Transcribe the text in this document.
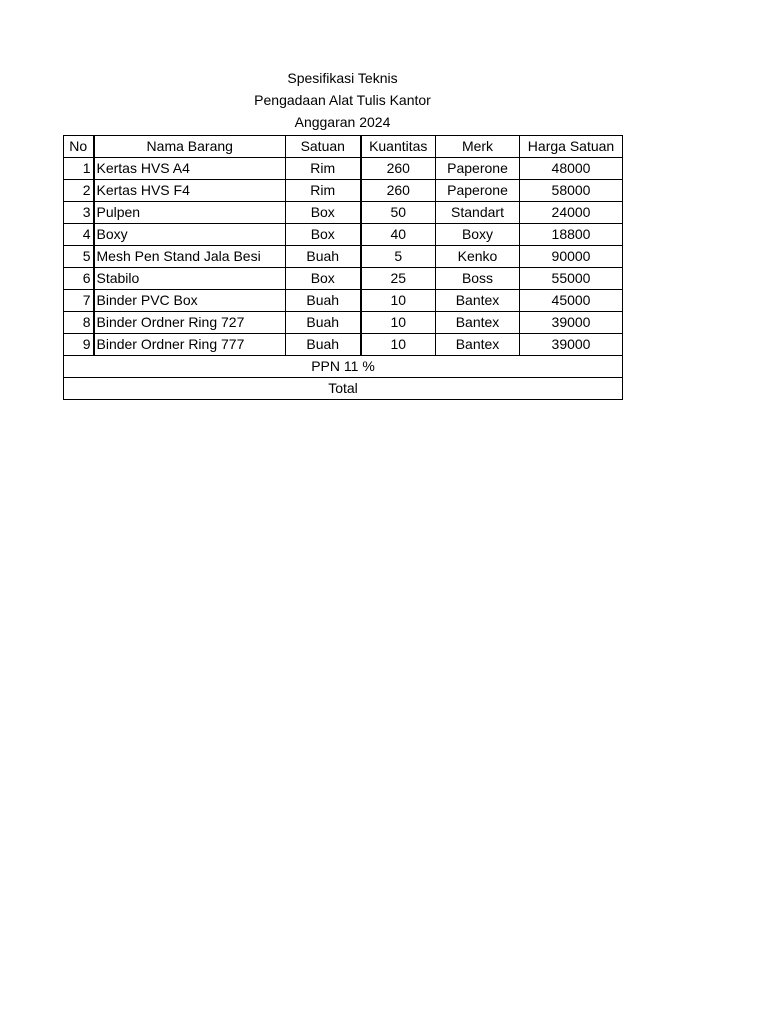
Spesifikasi Teknis
Pengadaan Alat Tulis Kantor
Anggaran 2024
No	Nama Barang	Satuan	Kuantitas	Merk	Harga Satuan
1	Kertas HVS A4	Rim	260	Paperone	48000
2	Kertas HVS F4	Rim	260	Paperone	58000
3	Pulpen	Box	50	Standart	24000
4	Boxy	Box	40	Boxy	18800
5	Mesh Pen Stand Jala Besi	Buah	5	Kenko	90000
6	Stabilo	Box	25	Boss	55000
7	Binder PVC Box	Buah	10	Bantex	45000
8	Binder Ordner Ring 727	Buah	10	Bantex	39000
9	Binder Ordner Ring 777	Buah	10	Bantex	39000
PPN 11 %					
Total					
